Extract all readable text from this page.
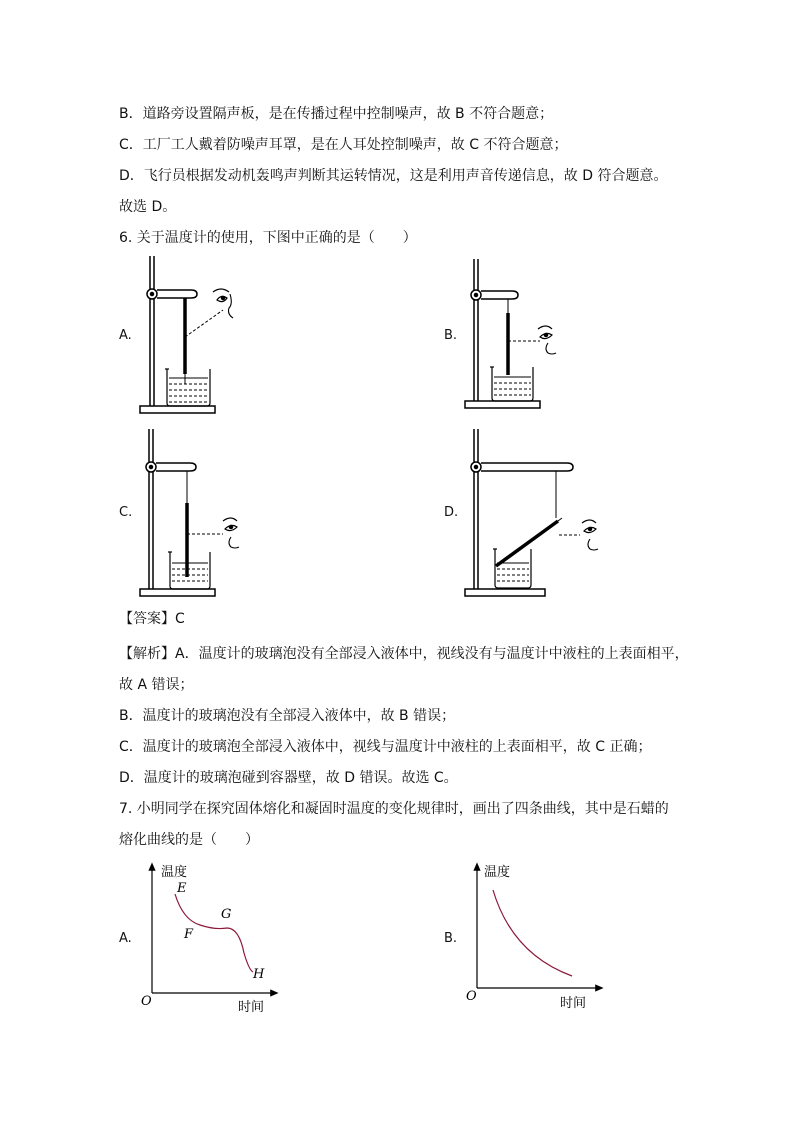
B．道路旁设置隔声板，是在传播过程中控制噪声，故 B 不符合题意；
C．工厂工人戴着防噪声耳罩，是在人耳处控制噪声，故 C 不符合题意；
D．飞行员根据发动机轰鸣声判断其运转情况，这是利用声音传递信息，故 D 符合题意。
故选 D。
6. 关于温度计的使用，下图中正确的是（　　）
A.	B.
C.	D.
【答案】C
【解析】A．温度计的玻璃泡没有全部浸入液体中，视线没有与温度计中液柱的上表面相平，
故 A 错误；
B．温度计的玻璃泡没有全部浸入液体中，故 B 错误；
C．温度计的玻璃泡全部浸入液体中，视线与温度计中液柱的上表面相平，故 C 正确；
D．温度计的玻璃泡碰到容器壁，故 D 错误。故选 C。
7. 小明同学在探究固体熔化和凝固时温度的变化规律时，画出了四条曲线，其中是石蜡的
熔化曲线的是（　　）
A.	B.
温度
时间
O
E
F
G
H
温度
时间
O
